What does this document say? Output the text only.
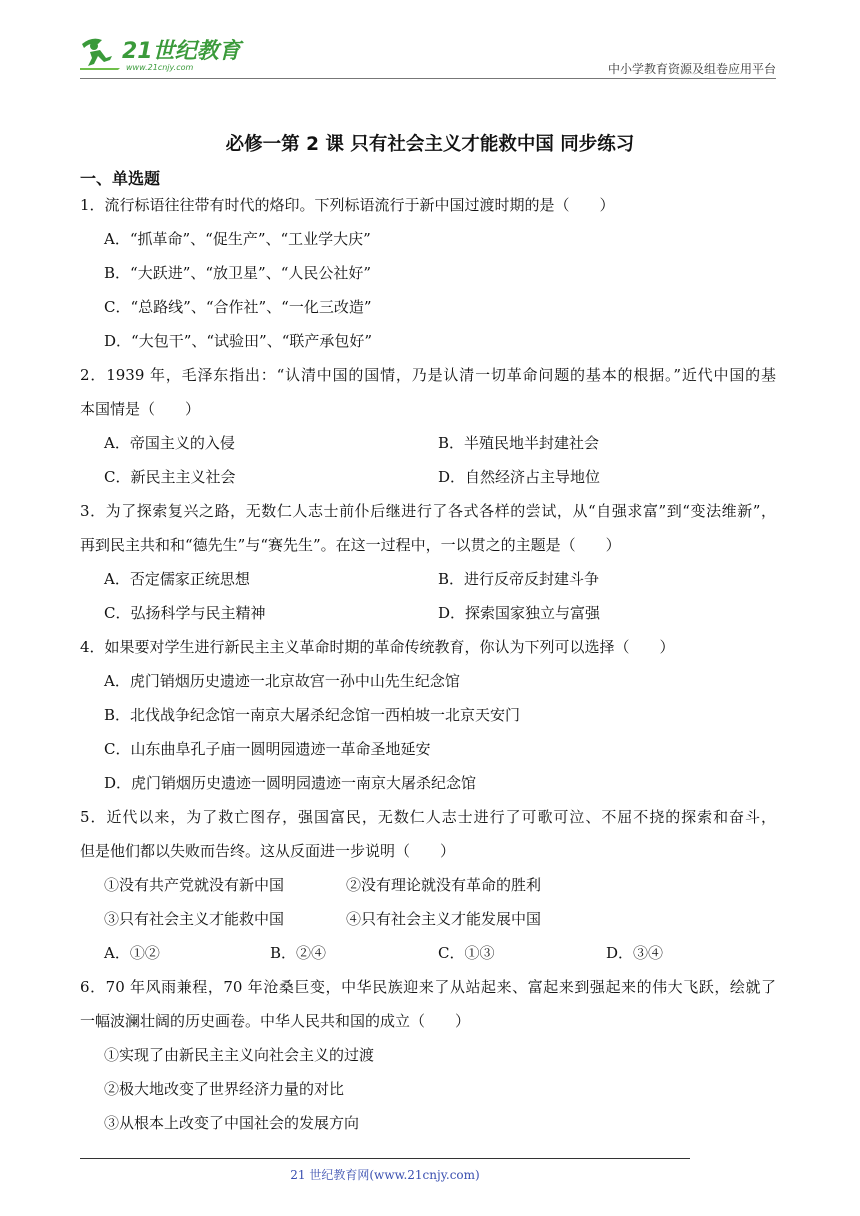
21世纪教育
www.21cnjy.com	中小学教育资源及组卷应用平台
必修一第 2 课 只有社会主义才能救中国 同步练习
一、单选题
1．流行标语往往带有时代的烙印。下列标语流行于新中国过渡时期的是（　　）
A．“抓革命”、“促生产”、“工业学大庆”
B．“大跃进”、“放卫星”、“人民公社好”
C．“总路线”、“合作社”、“一化三改造”
D．“大包干”、“试验田”、“联产承包好”
2．1939 年，毛泽东指出：“认清中国的国情，乃是认清一切革命问题的基本的根据。”近代中国的基
本国情是（　　）
A．帝国主义的入侵	B．半殖民地半封建社会
C．新民主主义社会	D．自然经济占主导地位
3．为了探索复兴之路，无数仁人志士前仆后继进行了各式各样的尝试，从“自强求富”到“变法维新”，
再到民主共和和“德先生”与“赛先生”。在这一过程中，一以贯之的主题是（　　）
A．否定儒家正统思想	B．进行反帝反封建斗争
C．弘扬科学与民主精神	D．探索国家独立与富强
4．如果要对学生进行新民主主义革命时期的革命传统教育，你认为下列可以选择（　　）
A．虎门销烟历史遗迹一北京故宫一孙中山先生纪念馆
B．北伐战争纪念馆一南京大屠杀纪念馆一西柏坡一北京天安门
C．山东曲阜孔子庙一圆明园遗迹一革命圣地延安
D．虎门销烟历史遗迹一圆明园遗迹一南京大屠杀纪念馆
5．近代以来，为了救亡图存，强国富民，无数仁人志士进行了可歌可泣、不屈不挠的探索和奋斗，
但是他们都以失败而告终。这从反面进一步说明（　　）
①没有共产党就没有新中国	②没有理论就没有革命的胜利
③只有社会主义才能救中国	④只有社会主义才能发展中国
A．①②	B．②④	C．①③	D．③④
6．70 年风雨兼程，70 年沧桑巨变，中华民族迎来了从站起来、富起来到强起来的伟大飞跃，绘就了
一幅波澜壮阔的历史画卷。中华人民共和国的成立（　　）
①实现了由新民主主义向社会主义的过渡
②极大地改变了世界经济力量的对比
③从根本上改变了中国社会的发展方向
21 世纪教育网(www.21cnjy.com)
